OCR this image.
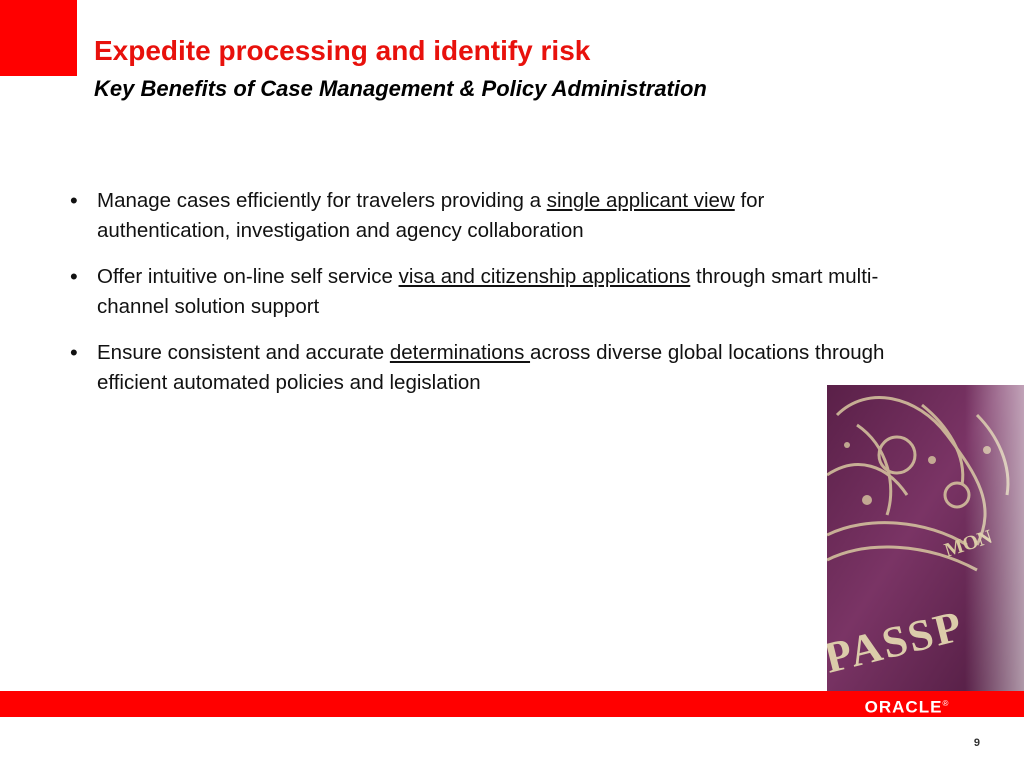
Expedite processing and identify risk
Key Benefits of Case Management & Policy Administration
• Manage cases efficiently for travelers providing a single applicant view for authentication, investigation and agency collaboration
• Offer intuitive on-line self service visa and citizenship applications through smart multi-channel solution support
• Ensure consistent and accurate determinations across diverse global locations through efficient automated policies and legislation
ORACLE®
9
